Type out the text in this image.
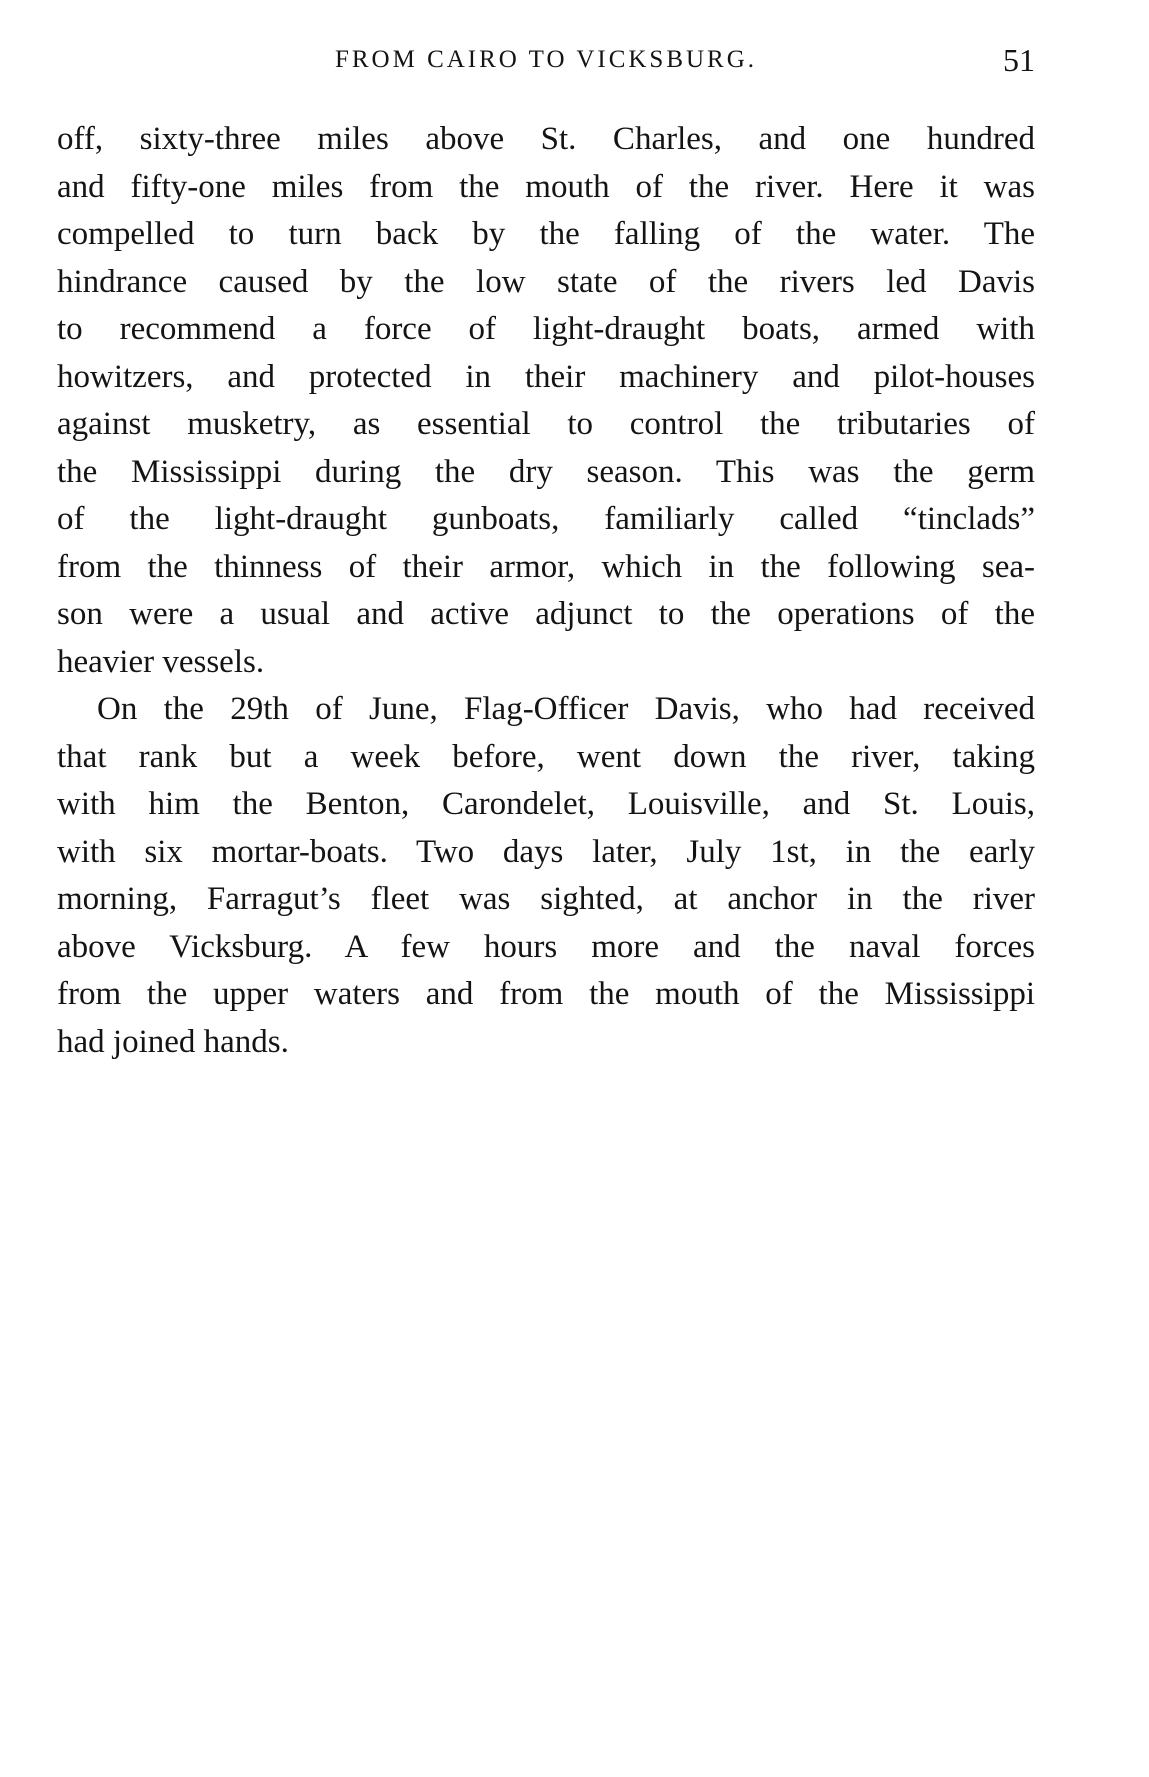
FROM CAIRO TO VICKSBURG.	51
off, sixty-three miles above St. Charles, and one hundred
and fifty-one miles from the mouth of the river. Here it was
compelled to turn back by the falling of the water. The
hindrance caused by the low state of the rivers led Davis
to recommend a force of light-draught boats, armed with
howitzers, and protected in their machinery and pilot-houses
against musketry, as essential to control the tributaries of
the Mississippi during the dry season. This was the germ
of the light-draught gunboats, familiarly called “tinclads”
from the thinness of their armor, which in the following sea-
son were a usual and active adjunct to the operations of the
heavier vessels.
On the 29th of June, Flag-Officer Davis, who had received
that rank but a week before, went down the river, taking
with him the Benton, Carondelet, Louisville, and St. Louis,
with six mortar-boats. Two days later, July 1st, in the early
morning, Farragut’s fleet was sighted, at anchor in the river
above Vicksburg. A few hours more and the naval forces
from the upper waters and from the mouth of the Mississippi
had joined hands.
